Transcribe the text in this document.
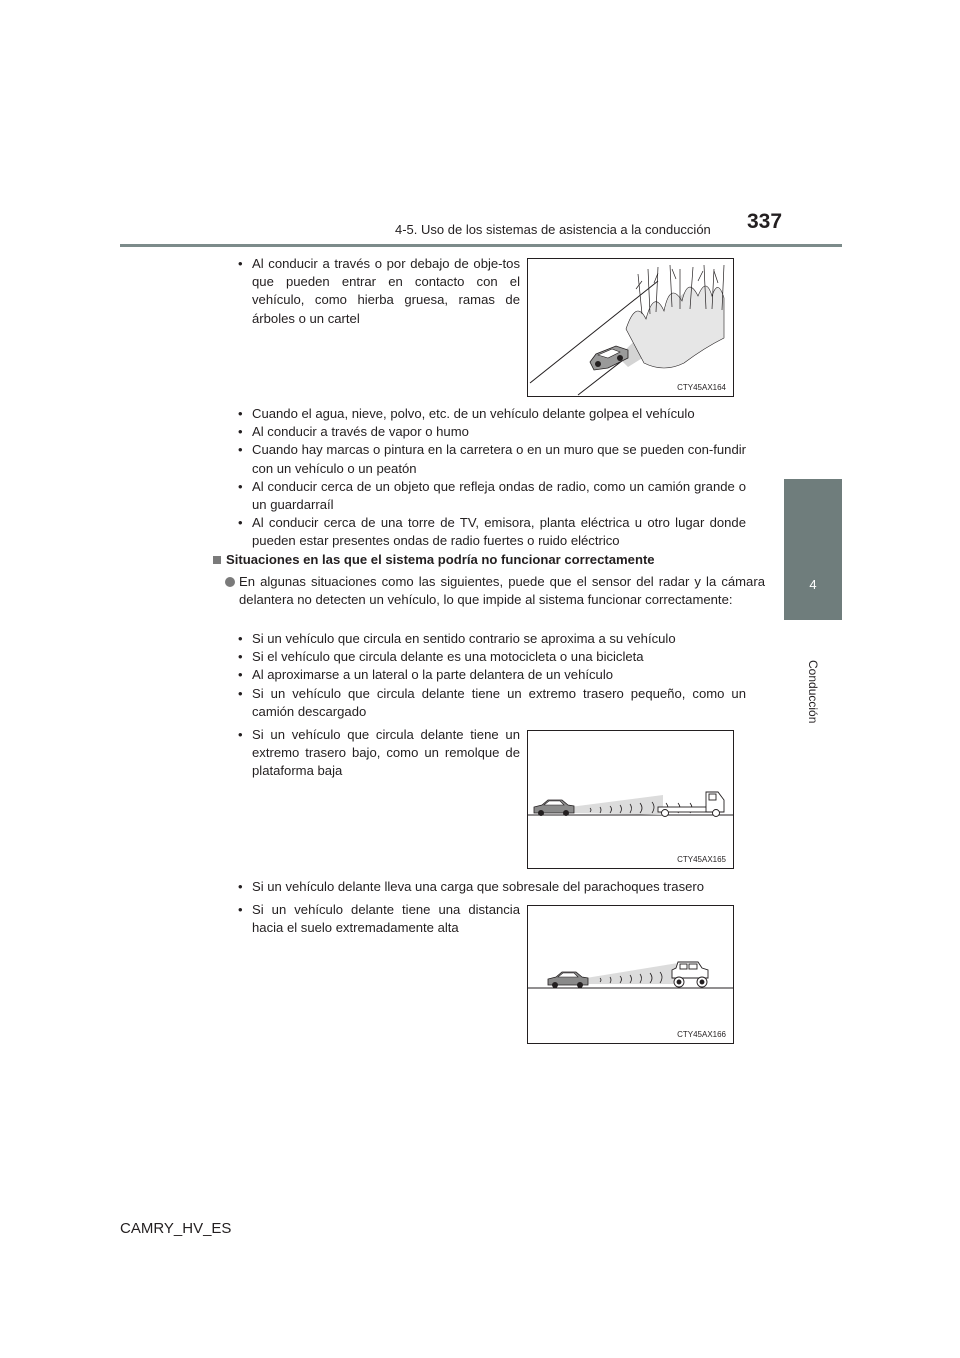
4-5. Uso de los sistemas de asistencia a la conducción 337
4
Conducción
• Al conducir a través o por debajo de obje-tos que pueden entrar en contacto con el vehículo, como hierba gruesa, ramas de árboles o un cartel
CTY45AX164
• Cuando el agua, nieve, polvo, etc. de un vehículo delante golpea el vehículo
• Al conducir a través de vapor o humo
• Cuando hay marcas o pintura en la carretera o en un muro que se pueden con-fundir con un vehículo o un peatón
• Al conducir cerca de un objeto que refleja ondas de radio, como un camión grande o un guardarraíl
• Al conducir cerca de una torre de TV, emisora, planta eléctrica u otro lugar donde pueden estar presentes ondas de radio fuertes o ruido eléctrico
Situaciones en las que el sistema podría no funcionar correctamente
En algunas situaciones como las siguientes, puede que el sensor del radar y la cámara delantera no detecten un vehículo, lo que impide al sistema funcionar correctamente:
• Si un vehículo que circula en sentido contrario se aproxima a su vehículo
• Si el vehículo que circula delante es una motocicleta o una bicicleta
• Al aproximarse a un lateral o la parte delantera de un vehículo
• Si un vehículo que circula delante tiene un extremo trasero pequeño, como un camión descargado
• Si un vehículo que circula delante tiene un extremo trasero bajo, como un remolque de plataforma baja
CTY45AX165
• Si un vehículo delante lleva una carga que sobresale del parachoques trasero
• Si un vehículo delante tiene una distancia hacia el suelo extremadamente alta
CTY45AX166
CAMRY_HV_ES
